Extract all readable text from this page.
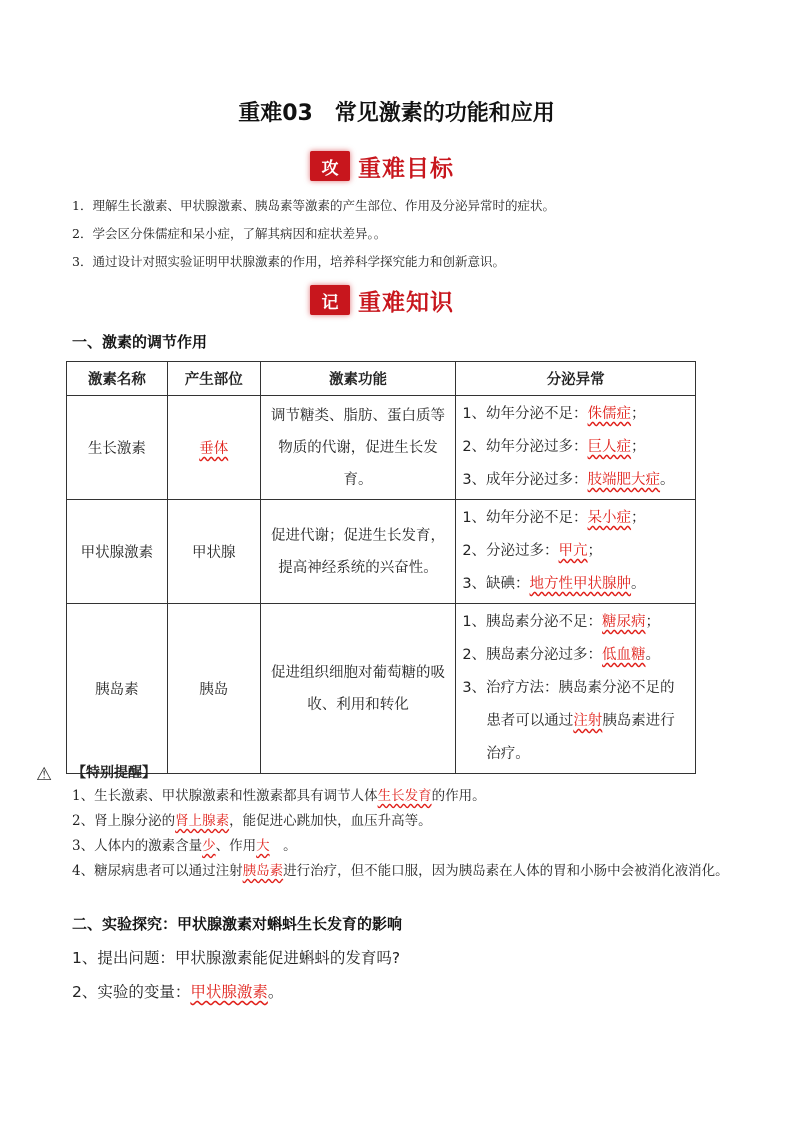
重难03　常见激素的功能和应用
攻 重难目标
1．理解生长激素、甲状腺激素、胰岛素等激素的产生部位、作用及分泌异常时的症状。
2．学会区分侏儒症和呆小症，了解其病因和症状差异。。
3．通过设计对照实验证明甲状腺激素的作用，培养科学探究能力和创新意识。
记 重难知识
一、激素的调节作用
激素名称	产生部位	激素功能	分泌异常
生长激素	垂体	调节糖类、脂肪、蛋白质等物质的代谢，促进生长发育。	1、幼年分泌不足：侏儒症；
2、幼年分泌过多：巨人症；
3、成年分泌过多：肢端肥大症。

甲状腺激素	甲状腺	促进代谢；促进生长发育，提高神经系统的兴奋性。	1、幼年分泌不足：呆小症；
2、分泌过多：甲亢；
3、缺碘：地方性甲状腺肿。

胰岛素	胰岛	促进组织细胞对葡萄糖的吸收、利用和转化	1、胰岛素分泌不足：糖尿病；
2、胰岛素分泌过多：低血糖。
3、治疗方法：胰岛素分泌不足的患者可以通过注射胰岛素进行治疗。
⚠ 【特别提醒】
1、生长激素、甲状腺激素和性激素都具有调节人体生长发育的作用。
2、肾上腺分泌的肾上腺素，能促进心跳加快，血压升高等。
3、人体内的激素含量少、作用大　。
4、糖尿病患者可以通过注射胰岛素进行治疗，但不能口服，因为胰岛素在人体的胃和小肠中会被消化液消化。
二、实验探究：甲状腺激素对蝌蚪生长发育的影响
1、提出问题：甲状腺激素能促进蝌蚪的发育吗?
2、实验的变量：甲状腺激素。
